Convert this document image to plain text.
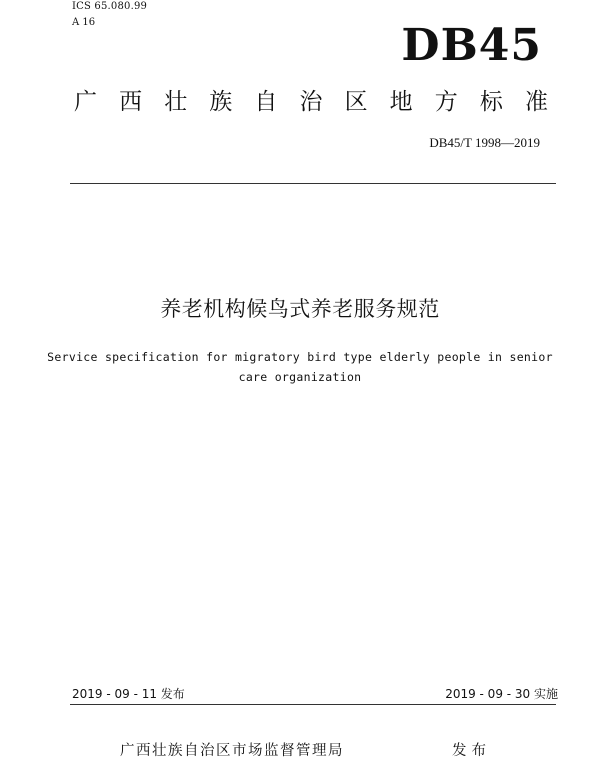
ICS 65.080.99
A 16	DB45
广 西 壮 族 自 治 区 地 方 标 准
DB45/T 1998—2019
养老机构候鸟式养老服务规范
Service specification for migratory bird type elderly people in senior
care organization
2019 - 09 - 11 发布	2019 - 09 - 30 实施
广西壮族自治区市场监督管理局	发布
